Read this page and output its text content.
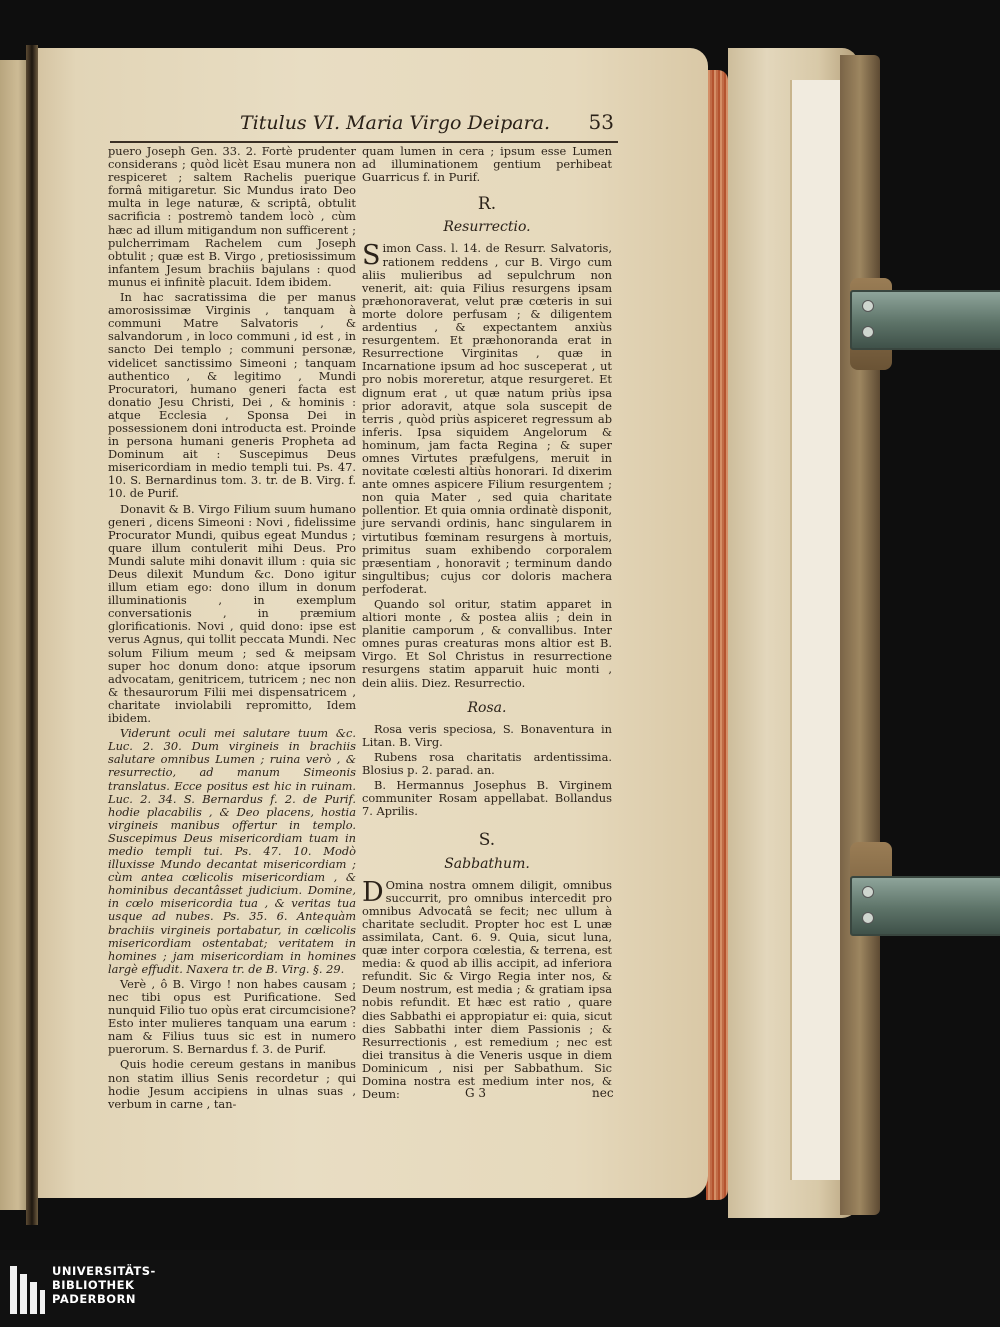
Titulus VI. Maria Virgo Deipara. 53

puero Joseph Gen. 33. 2. Fortè prudenter considerans ; quòd licèt Esau munera non respiceret ; saltem Rachelis puerique formâ mitigaretur. Sic Mundus irato Deo multa in lege naturæ, & scriptâ, obtulit sacrificia : postremò tandem locò , cùm hæc ad illum mitigandum non sufficerent ; pulcherrimam Rachelem cum Joseph obtulit ; quæ est B. Virgo , pretiosissimum infantem Jesum brachiis bajulans : quod munus ei infinitè placuit. Idem ibidem.

In hac sacratissima die per manus amorosissimæ Virginis , tanquam à communi Matre Salvatoris , & salvandorum , in loco communi , id est , in sancto Dei templo ; communi personæ, videlicet sanctissimo Simeoni ; tanquam authentico , & legitimo , Mundi Procuratori, humano generi facta est donatio Jesu Christi, Dei , & hominis : atque Ecclesia , Sponsa Dei in possessionem doni introducta est. Proinde in persona humani generis Propheta ad Dominum ait : Suscepimus Deus misericordiam in medio templi tui. Ps. 47. 10. S. Bernardinus tom. 3. tr. de B. Virg. f. 10. de Purif.

Donavit & B. Virgo Filium suum humano generi , dicens Simeoni : Novi , fidelissime Procurator Mundi, quibus egeat Mundus ; quare illum contulerit mihi Deus. Pro Mundi salute mihi donavit illum : quia sic Deus dilexit Mundum &c. Dono igitur illum etiam ego: dono illum in donum illuminationis , in exemplum conversationis , in præmium glorificationis. Novi , quid dono: ipse est verus Agnus, qui tollit peccata Mundi. Nec solum Filium meum ; sed & meipsam super hoc donum dono: atque ipsorum advocatam, genitricem, tutricem ; nec non & thesaurorum Filii mei dispensatricem , charitate inviolabili repromitto, Idem ibidem.

Viderunt oculi mei salutare tuum &c. Luc. 2. 30. Dum virgineis in brachiis salutare omnibus Lumen ; ruina verò , & resurrectio, ad manum Simeonis translatus. Ecce positus est hic in ruinam. Luc. 2. 34. S. Bernardus f. 2. de Purif. hodie placabilis , & Deo placens, hostia virgineis manibus offertur in templo. Suscepimus Deus misericordiam tuam in medio templi tui. Ps. 47. 10. Modò illuxisse Mundo decantat misericordiam ; cùm antea cœlicolis misericordiam , & hominibus decantâsset judicium. Domine, in cœlo misericordia tua , & veritas tua usque ad nubes. Ps. 35. 6. Antequàm brachiis virgineis portabatur, in cœlicolis misericordiam ostentabat; veritatem in homines ; jam misericordiam in homines largè effudit. Naxera tr. de B. Virg. §. 29.

Verè , ô B. Virgo ! non habes causam ; nec tibi opus est Purificatione. Sed nunquid Filio tuo opùs erat circumcisione? Esto inter mulieres tanquam una earum : nam & Filius tuus sic est in numero puerorum. S. Bernardus f. 3. de Purif.

Quis hodie cereum gestans in manibus non statim illius Senis recordetur ; qui hodie Jesum accipiens in ulnas suas , verbum in carne , tan-

quam lumen in cera ; ipsum esse Lumen ad illuminationem gentium perhibeat Guarricus f. in Purif.

R.
Resurrectio.

Simon Cass. l. 14. de Resurr. Salvatoris, rationem reddens , cur B. Virgo cum aliis mulieribus ad sepulchrum non venerit, ait: quia Filius resurgens ipsam præhonoraverat, velut præ cœteris in sui morte dolore perfusam ; & diligentem ardentius , & expectantem anxiùs resurgentem. Et præhonoranda erat in Resurrectione Virginitas , quæ in Incarnatione ipsum ad hoc susceperat , ut pro nobis moreretur, atque resurgeret. Et dignum erat , ut quæ natum priùs ipsa prior adoravit, atque sola suscepit de terris , quòd priùs aspiceret regressum ab inferis. Ipsa siquidem Angelorum & hominum, jam facta Regina ; & super omnes Virtutes præfulgens, meruit in novitate cœlesti altiùs honorari. Id dixerim ante omnes aspicere Filium resurgentem ; non quia Mater , sed quia charitate pollentior. Et quia omnia ordinatè disponit, jure servandi ordinis, hanc singularem in virtutibus fœminam resurgens à mortuis, primitus suam exhibendo corporalem præsentiam , honoravit ; terminum dando singultibus; cujus cor doloris machera perfoderat.

Quando sol oritur, statim apparet in altiori monte , & postea aliis ; dein in planitie camporum , & convallibus. Inter omnes puras creaturas mons altior est B. Virgo. Et Sol Christus in resurrectione resurgens statim apparuit huic monti , dein aliis. Diez. Resurrectio.

Rosa.

Rosa veris speciosa, S. Bonaventura in Litan. B. Virg.

Rubens rosa charitatis ardentissima. Blosius p. 2. parad. an.

B. Hermannus Josephus B. Virginem communiter Rosam appellabat. Bollandus 7. Aprilis.

S.
Sabbathum.

D Omina nostra omnem diligit, omnibus succurrit, pro omnibus intercedit pro omnibus Advocatâ se fecit; nec ullum à charitate secludit. Propter hoc est L unæ assimilata, Cant. 6. 9. Quia, sicut luna, quæ inter corpora cœlestia, & terrena, est media: & quod ab illis accipit, ad inferiora refundit. Sic & Virgo Regia inter nos, & Deum nostrum, est media ; & gratiam ipsa nobis refundit. Et hæc est ratio , quare dies Sabbathi ei appropiatur ei: quia, sicut dies Sabbathi inter diem Passionis ; & Resurrectionis , est remedium ; nec est diei transitus à die Veneris usque in diem Dominicum , nisi per Sabbathum. Sic Domina nostra est medium inter nos, & Deum:	G 3	nec
UNIVERSITÄTS-
BIBLIOTHEK
PADERBORN
